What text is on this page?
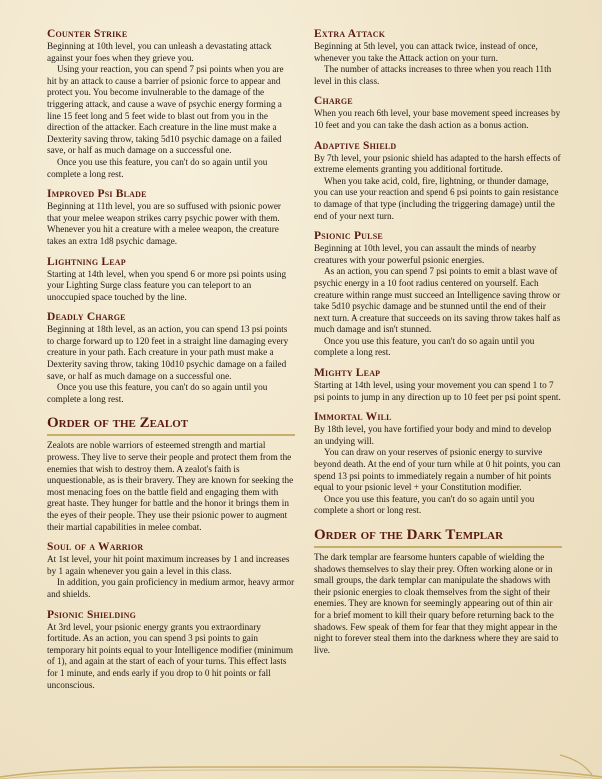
Counter Strike

Beginning at 10th level, you can unleash a devastating attack against your foes when they grieve you.

Using your reaction, you can spend 7 psi points when you are hit by an attack to cause a barrier of psionic force to appear and protect you. You become invulnerable to the damage of the triggering attack, and cause a wave of psychic energy forming a line 15 feet long and 5 feet wide to blast out from you in the direction of the attacker. Each creature in the line must make a Dexterity saving throw, taking 5d10 psychic damage on a failed save, or half as much damage on a successful one.

Once you use this feature, you can't do so again until you complete a long rest.

Improved Psi Blade

Beginning at 11th level, you are so suffused with psionic power that your melee weapon strikes carry psychic power with them. Whenever you hit a creature with a melee weapon, the creature takes an extra 1d8 psychic damage.

Lightning Leap

Starting at 14th level, when you spend 6 or more psi points using your Lighting Surge class feature you can teleport to an unoccupied space touched by the line.

Deadly Charge

Beginning at 18th level, as an action, you can spend 13 psi points to charge forward up to 120 feet in a straight line damaging every creature in your path. Each creature in your path must make a Dexterity saving throw, taking 10d10 psychic damage on a failed save, or half as much damage on a successful one.

Once you use this feature, you can't do so again until you complete a long rest.

Order of the Zealot

Zealots are noble warriors of esteemed strength and martial prowess. They live to serve their people and protect them from the enemies that wish to destroy them. A zealot's faith is unquestionable, as is their bravery. They are known for seeking the most menacing foes on the battle field and engaging them with great haste. They hunger for battle and the honor it brings them in the eyes of their people. They use their psionic power to augment their martial capabilities in melee combat.

Soul of a Warrior

At 1st level, your hit point maximum increases by 1 and increases by 1 again whenever you gain a level in this class.

In addition, you gain proficiency in medium armor, heavy armor and shields.

Psionic Shielding

At 3rd level, your psionic energy grants you extraordinary fortitude. As an action, you can spend 3 psi points to gain temporary hit points equal to your Intelligence modifier (minimum of 1), and again at the start of each of your turns. This effect lasts for 1 minute, and ends early if you drop to 0 hit points or fall unconscious.

Extra Attack

Beginning at 5th level, you can attack twice, instead of once, whenever you take the Attack action on your turn.

The number of attacks increases to three when you reach 11th level in this class.

Charge

When you reach 6th level, your base movement speed increases by 10 feet and you can take the dash action as a bonus action.

Adaptive Shield

By 7th level, your psionic shield has adapted to the harsh effects of extreme elements granting you additional fortitude.

When you take acid, cold, fire, lightning, or thunder damage, you can use your reaction and spend 6 psi points to gain resistance to damage of that type (including the triggering damage) until the end of your next turn.

Psionic Pulse

Beginning at 10th level, you can assault the minds of nearby creatures with your powerful psionic energies.

As an action, you can spend 7 psi points to emit a blast wave of psychic energy in a 10 foot radius centered on yourself. Each creature within range must succeed an Intelligence saving throw or take 5d10 psychic damage and be stunned until the end of their next turn. A creature that succeeds on its saving throw takes half as much damage and isn't stunned.

Once you use this feature, you can't do so again until you complete a long rest.

Mighty Leap

Starting at 14th level, using your movement you can spend 1 to 7 psi points to jump in any direction up to 10 feet per psi point spent.

Immortal Will

By 18th level, you have fortified your body and mind to develop an undying will.

You can draw on your reserves of psionic energy to survive beyond death. At the end of your turn while at 0 hit points, you can spend 13 psi points to immediately regain a number of hit points equal to your psionic level + your Constitution modifier.

Once you use this feature, you can't do so again until you complete a short or long rest.

Order of the Dark Templar

The dark templar are fearsome hunters capable of wielding the shadows themselves to slay their prey. Often working alone or in small groups, the dark templar can manipulate the shadows with their psionic energies to cloak themselves from the sight of their enemies. They are known for seemingly appearing out of thin air for a brief moment to kill their quary before returning back to the shadows. Few speak of them for fear that they might appear in the night to forever steal them into the darkness where they are said to live.
